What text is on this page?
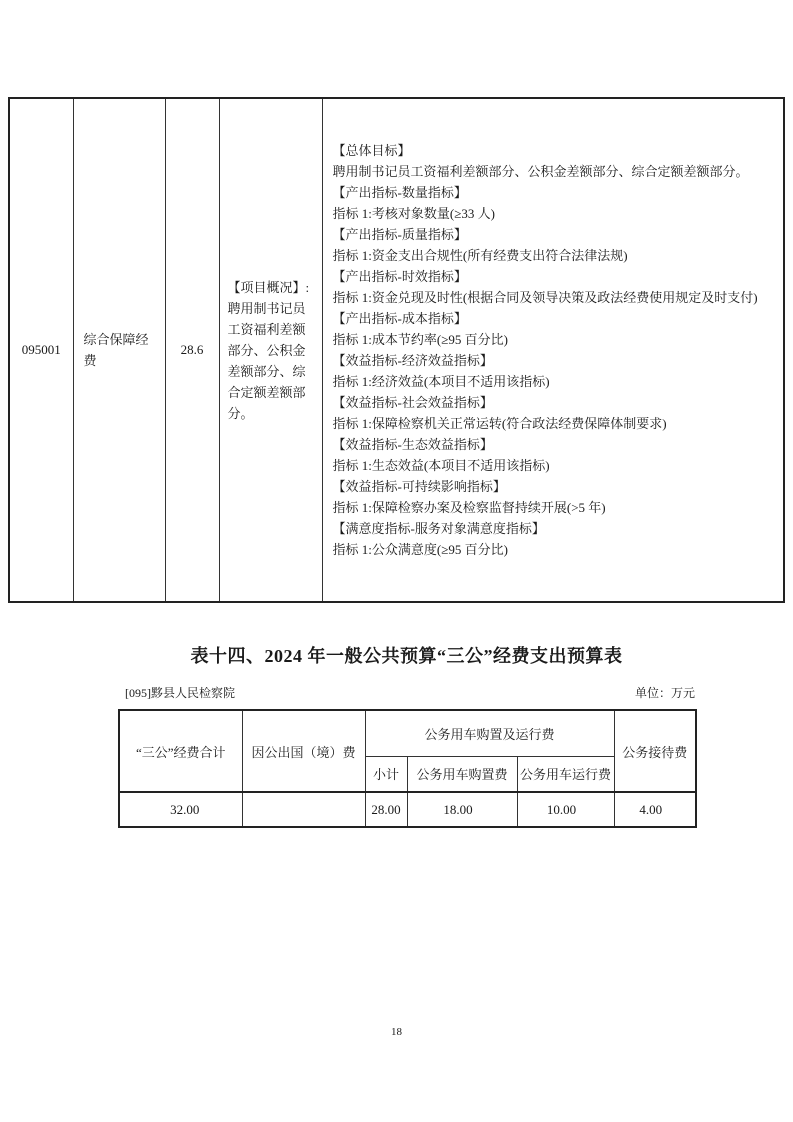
095001	综合保障经费	28.6	【项目概况】:聘用制书记员工资福利差额部分、公积金差额部分、综合定额差额部分。	
【总体目标】
聘用制书记员工资福利差额部分、公积金差额部分、综合定额差额部分。
【产出指标-数量指标】
指标 1:考核对象数量(≥33 人)
【产出指标-质量指标】
指标 1:资金支出合规性(所有经费支出符合法律法规)
【产出指标-时效指标】
指标 1:资金兑现及时性(根据合同及领导决策及政法经费使用规定及时支付)
【产出指标-成本指标】
指标 1:成本节约率(≥95 百分比)
【效益指标-经济效益指标】
指标 1:经济效益(本项目不适用该指标)
【效益指标-社会效益指标】
指标 1:保障检察机关正常运转(符合政法经费保障体制要求)
【效益指标-生态效益指标】
指标 1:生态效益(本项目不适用该指标)
【效益指标-可持续影响指标】
指标 1:保障检察办案及检察监督持续开展(>5 年)
【满意度指标-服务对象满意度指标】
指标 1:公众满意度(≥95 百分比)
表十四、2024 年一般公共预算“三公”经费支出预算表
[095]黟县人民检察院	单位：万元
“三公”经费合计	因公出国（境）费	公务用车购置及运行费			公务接待费
		小计	公务用车购置费	公务用车运行费	
32.00		28.00	18.00	10.00	4.00
18
